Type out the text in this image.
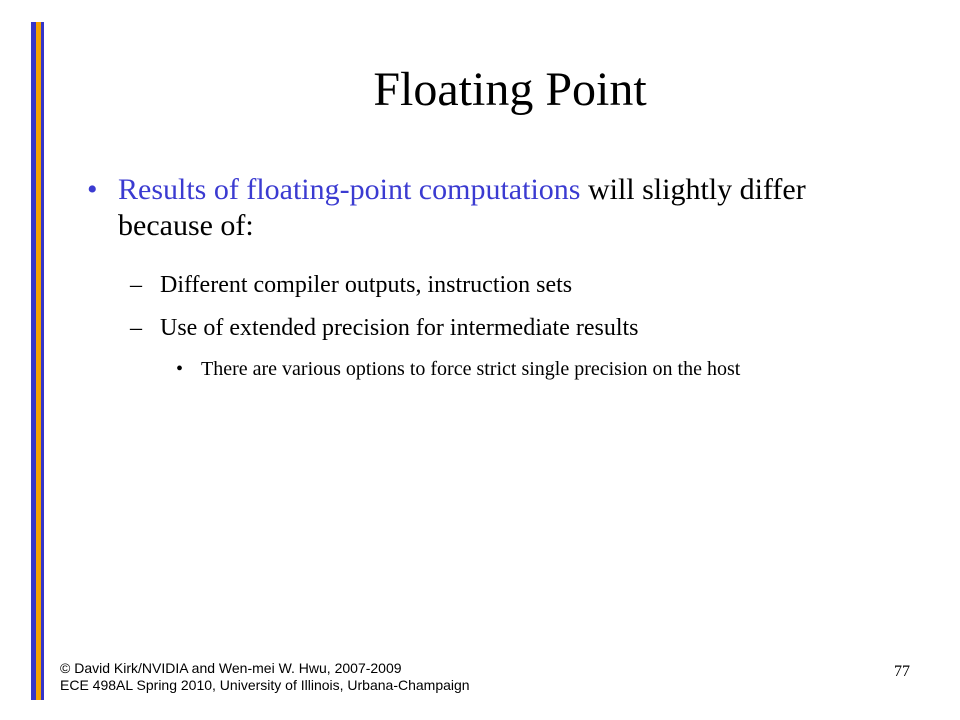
Floating Point
• Results of floating-point computations will slightly differ because of:
– Different compiler outputs, instruction sets
– Use of extended precision for intermediate results
• There are various options to force strict single precision on the host
© David Kirk/NVIDIA and Wen-mei W. Hwu, 2007-2009
ECE 498AL Spring 2010, University of Illinois, Urbana-Champaign
77
